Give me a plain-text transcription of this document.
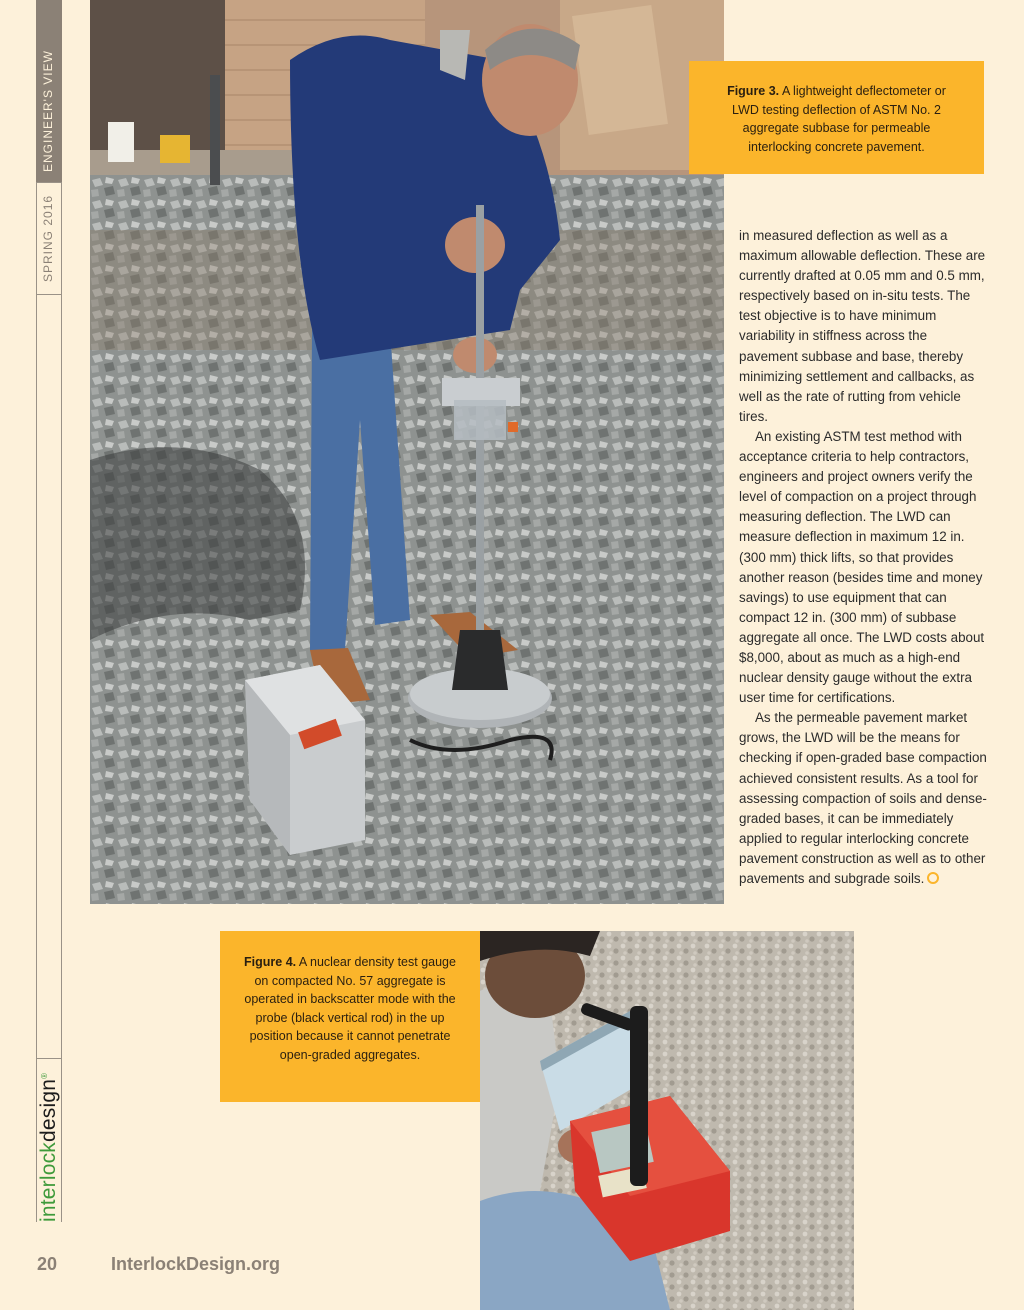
ENGINEER'S VIEW
SPRING 2016
interlockdesign®
Figure 3. A lightweight deflectometer or LWD testing deflection of ASTM No. 2 aggregate subbase for permeable interlocking concrete pavement.

in measured deflection as well as a maximum allowable deflection. These are currently drafted at 0.05 mm and 0.5 mm, respectively based on in-situ tests. The test objective is to have minimum variability in stiffness across the pavement subbase and base, thereby minimizing settlement and callbacks, as well as the rate of rutting from vehicle tires.

An existing ASTM test method with acceptance criteria to help contractors, engineers and project owners verify the level of compaction on a project through measuring deflection. The LWD can measure deflection in maximum 12 in. (300 mm) thick lifts, so that provides another reason (besides time and money savings) to use equipment that can compact 12 in. (300 mm) of subbase aggregate all once. The LWD costs about $8,000, about as much as a high-end nuclear density gauge without the extra user time for certifications.

As the permeable pavement market grows, the LWD will be the means for checking if open-graded base compaction achieved consistent results. As a tool for assessing compaction of soils and dense-graded bases, it can be immediately applied to regular interlocking concrete pavement construction as well as to other pavements and subgrade soils.

Figure 4. A nuclear density test gauge on compacted No. 57 aggregate is operated in backscatter mode with the probe (black vertical rod) in the up position because it cannot penetrate open-graded aggregates.
20	InterlockDesign.org
